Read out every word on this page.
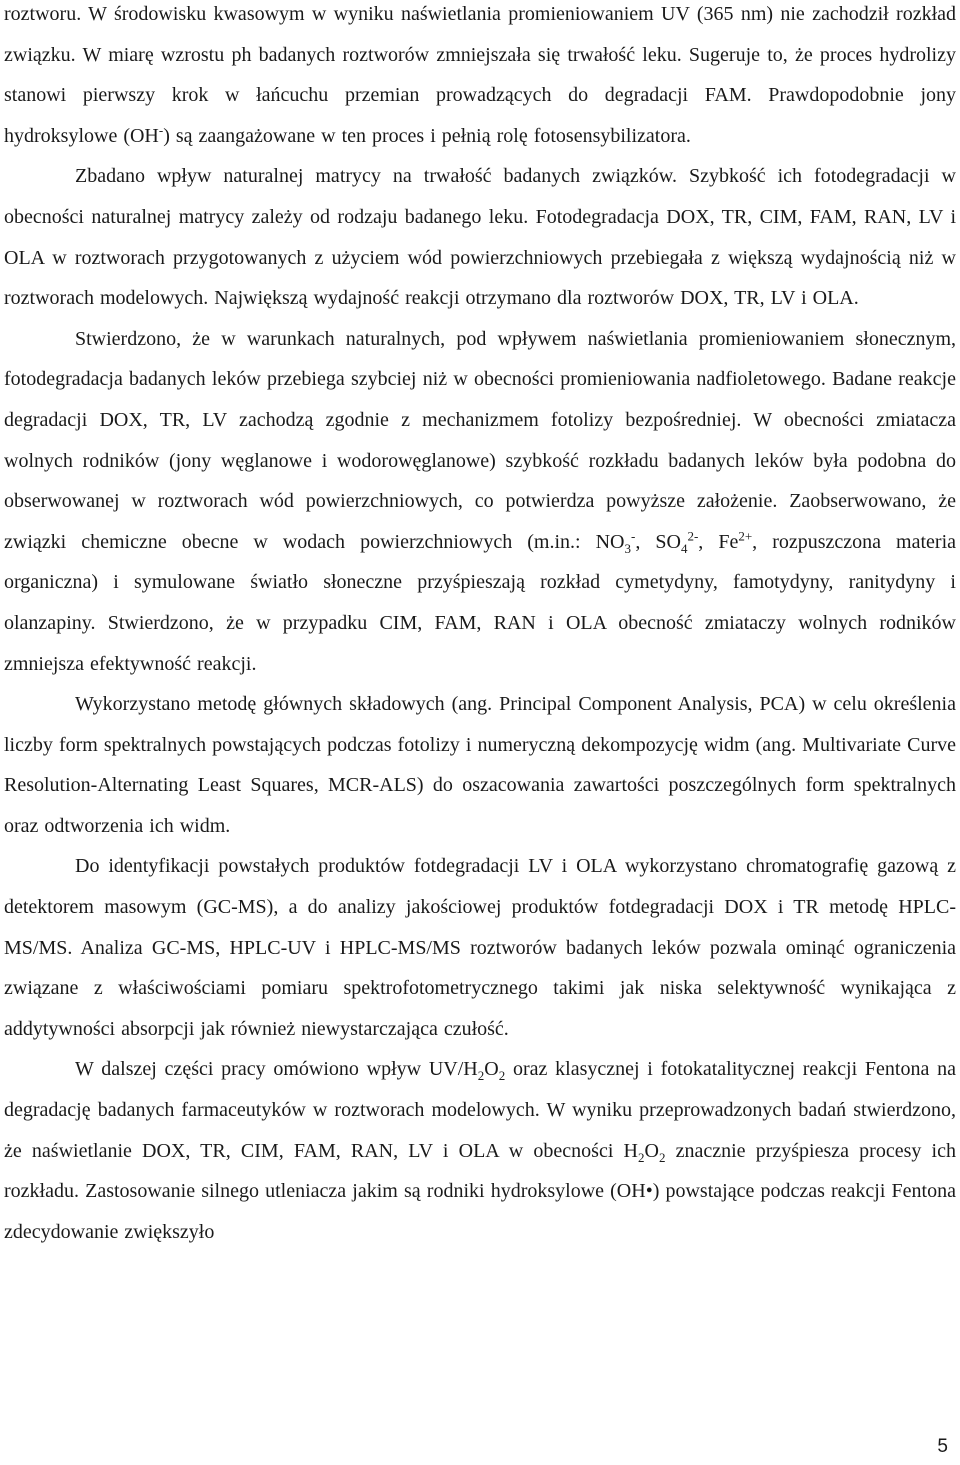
roztworu. W środowisku kwasowym w wyniku naświetlania promieniowaniem UV (365 nm) nie zachodził rozkład związku. W miarę wzrostu ph badanych roztworów zmniejszała się trwałość leku. Sugeruje to, że proces hydrolizy stanowi pierwszy krok w łańcuchu przemian prowadzących do degradacji FAM. Prawdopodobnie jony hydroksylowe (OH-) są zaangażowane w ten proces i pełnią rolę fotosensybilizatora.

Zbadano wpływ naturalnej matrycy na trwałość badanych związków. Szybkość ich fotodegradacji w obecności naturalnej matrycy zależy od rodzaju badanego leku. Fotodegradacja DOX, TR, CIM, FAM, RAN, LV i OLA w roztworach przygotowanych z użyciem wód powierzchniowych przebiegała z większą wydajnością niż w roztworach modelowych. Największą wydajność reakcji otrzymano dla roztworów DOX, TR, LV i OLA.

Stwierdzono, że w warunkach naturalnych, pod wpływem naświetlania promieniowaniem słonecznym, fotodegradacja badanych leków przebiega szybciej niż w obecności promieniowania nadfioletowego. Badane reakcje degradacji DOX, TR, LV zachodzą zgodnie z mechanizmem fotolizy bezpośredniej. W obecności zmiatacza wolnych rodników (jony węglanowe i wodorowęglanowe) szybkość rozkładu badanych leków była podobna do obserwowanej w roztworach wód powierzchniowych, co potwierdza powyższe założenie. Zaobserwowano, że związki chemiczne obecne w wodach powierzchniowych (m.in.: $NO_3^-$, $SO_4^{2-}$, $Fe^{2+}$, rozpuszczona materia organiczna) i symulowane światło słoneczne przyśpieszają rozkład cymetydyny, famotydyny, ranitydyny i olanzapiny. Stwierdzono, że w przypadku CIM, FAM, RAN i OLA obecność zmiataczy wolnych rodników zmniejsza efektywność reakcji.

Wykorzystano metodę głównych składowych (ang. Principal Component Analysis, PCA) w celu określenia liczby form spektralnych powstających podczas fotolizy i numeryczną dekompozycję widm (ang. Multivariate Curve Resolution-Alternating Least Squares, MCR-ALS) do oszacowania zawartości poszczególnych form spektralnych oraz odtworzenia ich widm.

Do identyfikacji powstałych produktów fotdegradacji LV i OLA wykorzystano chromatografię gazową z detektorem masowym (GC-MS), a do analizy jakościowej produktów fotdegradacji DOX i TR metodę HPLC-MS/MS. Analiza GC-MS, HPLC-UV i HPLC-MS/MS roztworów badanych leków pozwala ominąć ograniczenia związane z właściwościami pomiaru spektrofotometrycznego takimi jak niska selektywność wynikająca z addytywności absorpcji jak również niewystarczająca czułość.

W dalszej części pracy omówiono wpływ $UV/H_2O_2$ oraz klasycznej i fotokatalitycznej reakcji Fentona na degradację badanych farmaceutyków w roztworach modelowych. W wyniku przeprowadzonych badań stwierdzono, że naświetlanie DOX, TR, CIM, FAM, RAN, LV i OLA w obecności $H_2O_2$ znacznie przyśpiesza procesy ich rozkładu. Zastosowanie silnego utleniacza jakim są rodniki hydroksylowe (OH•) powstające podczas reakcji Fentona zdecydowanie zwiększyło

5
